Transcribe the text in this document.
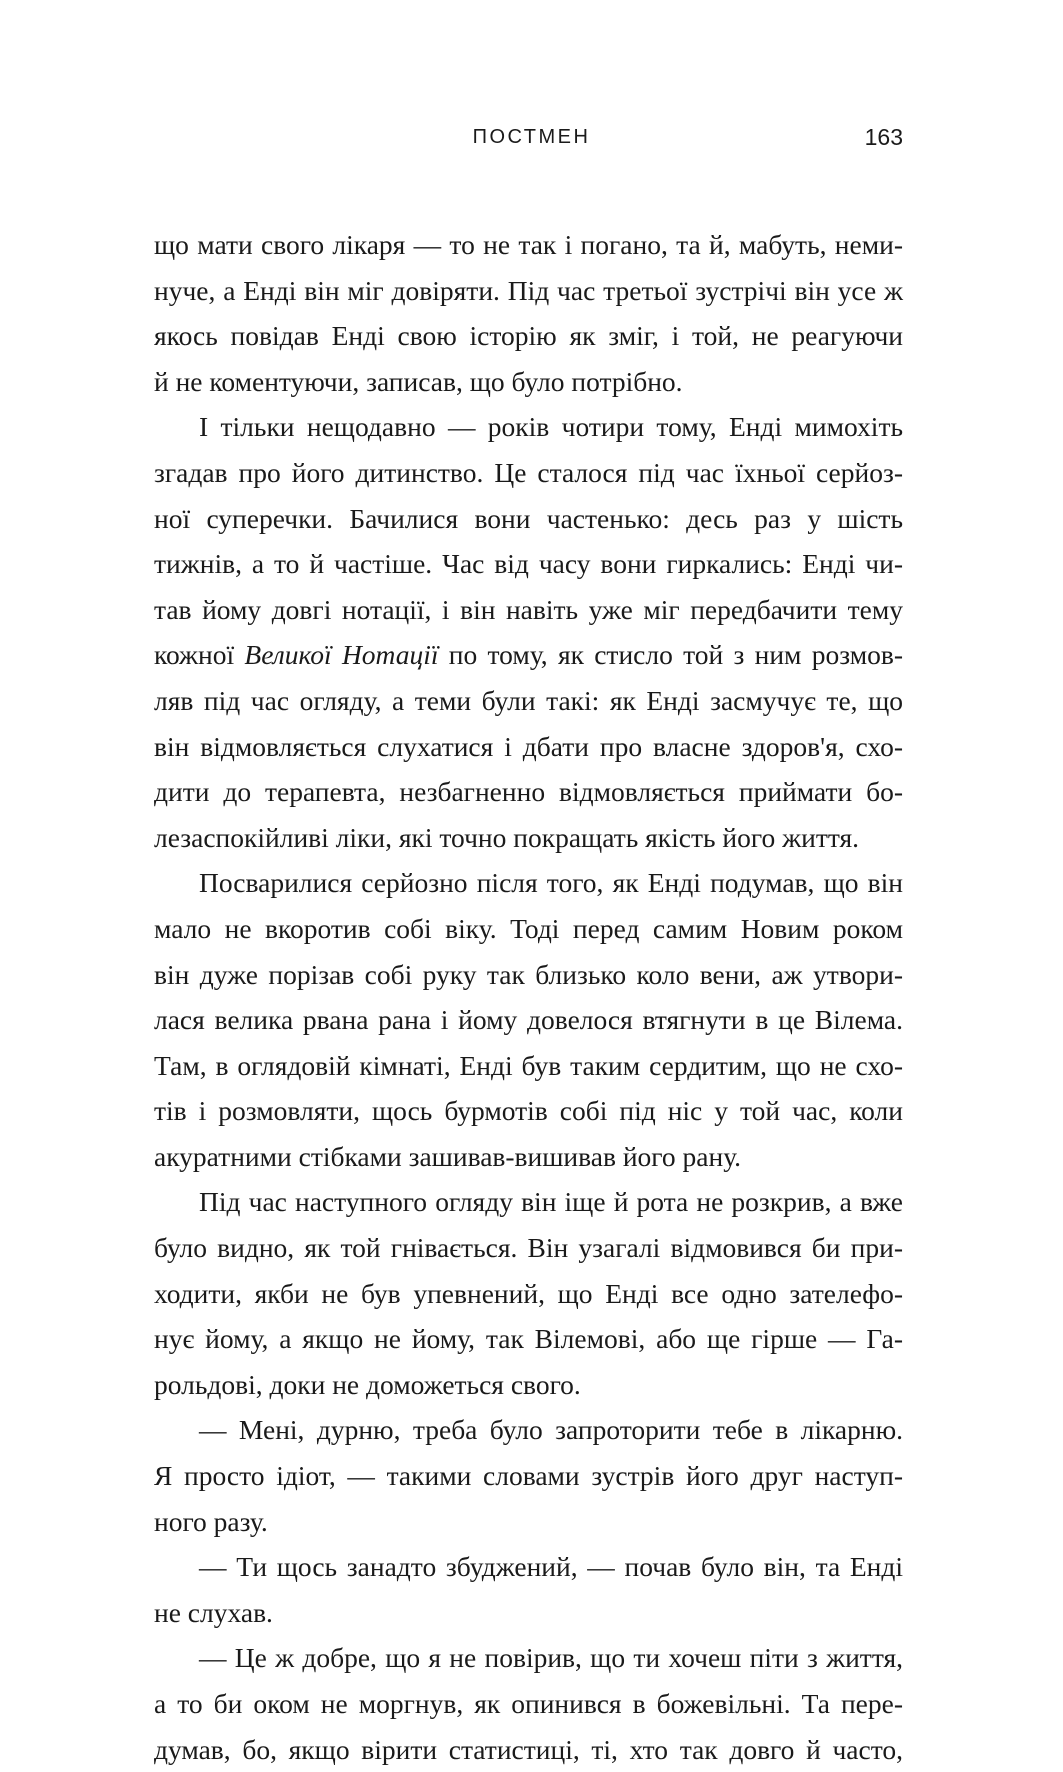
ПОСТМЕН	163
що мати свого лікаря — то не так і погано, та й, мабуть, неми-
нуче, а Енді він міг довіряти. Під час третьої зустрічі він усе ж
якось повідав Енді свою історію як зміг, і той, не реагуючи
й не коментуючи, записав, що було потрібно.
І тільки нещодавно — років чотири тому, Енді мимохіть
згадав про його дитинство. Це сталося під час їхньої серйоз-
ної суперечки. Бачилися вони частенько: десь раз у шість
тижнів, а то й частіше. Час від часу вони гиркались: Енді чи-
тав йому довгі нотації, і він навіть уже міг передбачити тему
кожної Великої Нотації по тому, як стисло той з ним розмов-
ляв під час огляду, а теми були такі: як Енді засмучує те, що
він відмовляється слухатися і дбати про власне здоров'я, схо-
дити до терапевта, незбагненно відмовляється приймати бо-
лезаспокійливі ліки, які точно покращать якість його життя.
Посварилися серйозно після того, як Енді подумав, що він
мало не вкоротив собі віку. Тоді перед самим Новим роком
він дуже порізав собі руку так близько коло вени, аж утвори-
лася велика рвана рана і йому довелося втягнути в це Вілема.
Там, в оглядовій кімнаті, Енді був таким сердитим, що не схо-
тів і розмовляти, щось бурмотів собі під ніс у той час, коли
акуратними стібками зашивав-вишивав його рану.
Під час наступного огляду він іще й рота не розкрив, а вже
було видно, як той гнівається. Він узагалі відмовився би при-
ходити, якби не був упевнений, що Енді все одно зателефо-
нує йому, а якщо не йому, так Вілемові, або ще гірше — Га-
рольдові, доки не доможеться свого.
— Мені, дурню, треба було запроторити тебе в лікарню.
Я просто ідіот, — такими словами зустрів його друг наступ-
ного разу.
— Ти щось занадто збуджений, — почав було він, та Енді
не слухав.
— Це ж добре, що я не повірив, що ти хочеш піти з життя,
а то би оком не моргнув, як опинився в божевільні. Та пере-
думав, бо, якщо вірити статистиці, ті, хто так довго й часто,
